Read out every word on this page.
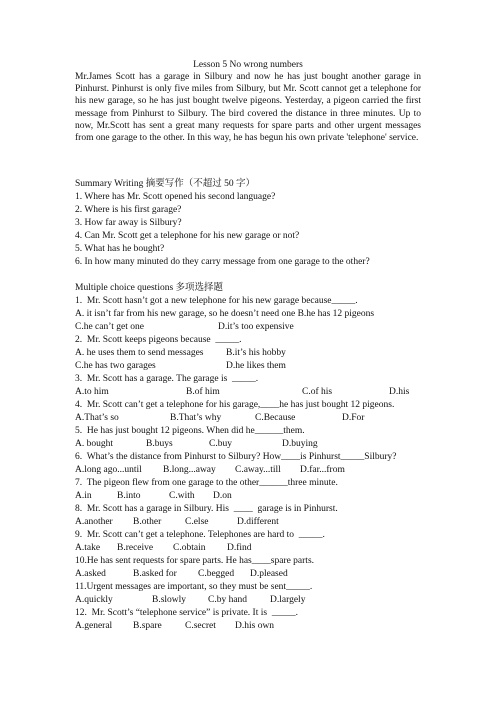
Lesson 5 No wrong numbers

Mr.James Scott has a garage in Silbury and now he has just bought another garage in Pinhurst. Pinhurst is only five miles from Silbury, but Mr. Scott cannot get a telephone for his new garage, so he has just bought twelve pigeons. Yesterday, a pigeon carried the first message from Pinhurst to Silbury. The bird covered the distance in three minutes. Up to now, Mr.Scott has sent a great many requests for spare parts and other urgent messages from one garage to the other. In this way, he has begun his own private 'telephone' service.

Summary Writing 摘要写作（不超过 50 字）
1. Where has Mr. Scott opened his second language?
2. Where is his first garage?
3. How far away is Silbury?
4. Can Mr. Scott get a telephone for his new garage or not?
5. What has he bought?
6. In how many minuted do they carry message from one garage to the other?
Multiple choice questions 多项选择题
1.  Mr. Scott hasn’t got a new telephone for his new garage because_____.
A. it isn’t far from his new garage, so he doesn’t need one B.he has 12 pigeons
C.he can’t get one	D.it’s too expensive
2.  Mr. Scott keeps pigeons because  _____.
A. he uses them to send messages B.it’s his hobby
C.he has two garages	D.he likes them
3.  Mr. Scott has a garage. The garage is  _____.
A.to him	B.of him	C.of his	D.his
4.  Mr. Scott can’t get a telephone for his garage,____he has just bought 12 pigeons.
A.That’s so	B.That’s why	C.Because	D.For
5.  He has just bought 12 pigeons. When did he______them.
A. bought	B.buys	C.buy	D.buying
6.  What’s the distance from Pinhurst to Silbury? How____is Pinhurst_____Silbury?
A.long ago...until B.long...away C.away...till D.far...from
7.  The pigeon flew from one garage to the other______three minute.
A.in	B.into	C.with D.on
8.  Mr. Scott has a garage in Silbury. His  ____  garage is in Pinhurst.
A.another B.other	C.else	D.different
9.  Mr. Scott can’t get a telephone. Telephones are hard to  _____.
A.take B.receive C.obtain D.find
10.He has sent requests for spare parts. He has____spare parts.
A.asked	B.asked for C.begged D.pleased
11.Urgent messages are important, so they must be sent_____.
A.quickly	B.slowly C.by hand D.largely
12.  Mr. Scott’s “telephone service” is private. It is  _____.
A.general B.spare C.secret D.his own
